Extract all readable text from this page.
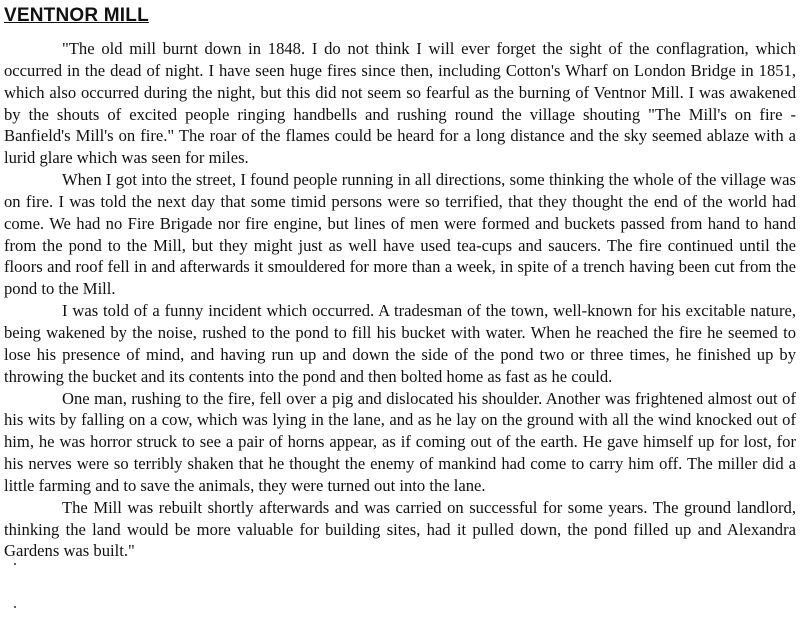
VENTNOR MILL

"The old mill burnt down in 1848. I do not think I will ever forget the sight of the conflagration, which occurred in the dead of night. I have seen huge fires since then, including Cotton's Wharf on London Bridge in 1851, which also occurred during the night, but this did not seem so fearful as the burning of Ventnor Mill. I was awakened by the shouts of excited people ringing handbells and rushing round the village shouting "The Mill's on fire - Banfield's Mill's on fire." The roar of the flames could be heard for a long distance and the sky seemed ablaze with a lurid glare which was seen for miles.

When I got into the street, I found people running in all directions, some thinking the whole of the village was on fire. I was told the next day that some timid persons were so terrified, that they thought the end of the world had come. We had no Fire Brigade nor fire engine, but lines of men were formed and buckets passed from hand to hand from the pond to the Mill, but they might just as well have used tea-cups and saucers. The fire continued until the floors and roof fell in and afterwards it smouldered for more than a week, in spite of a trench having been cut from the pond to the Mill.

I was told of a funny incident which occurred. A tradesman of the town, well-known for his excitable nature, being wakened by the noise, rushed to the pond to fill his bucket with water. When he reached the fire he seemed to lose his presence of mind, and having run up and down the side of the pond two or three times, he finished up by throwing the bucket and its contents into the pond and then bolted home as fast as he could.

One man, rushing to the fire, fell over a pig and dislocated his shoulder. Another was frightened almost out of his wits by falling on a cow, which was lying in the lane, and as he lay on the ground with all the wind knocked out of him, he was horror struck to see a pair of horns appear, as if coming out of the earth. He gave himself up for lost, for his nerves were so terribly shaken that he thought the enemy of mankind had come to carry him off. The miller did a little farming and to save the animals, they were turned out into the lane.

The Mill was rebuilt shortly afterwards and was carried on successful for some years. The ground landlord, thinking the land would be more valuable for building sites, had it pulled down, the pond filled up and Alexandra Gardens was built."
